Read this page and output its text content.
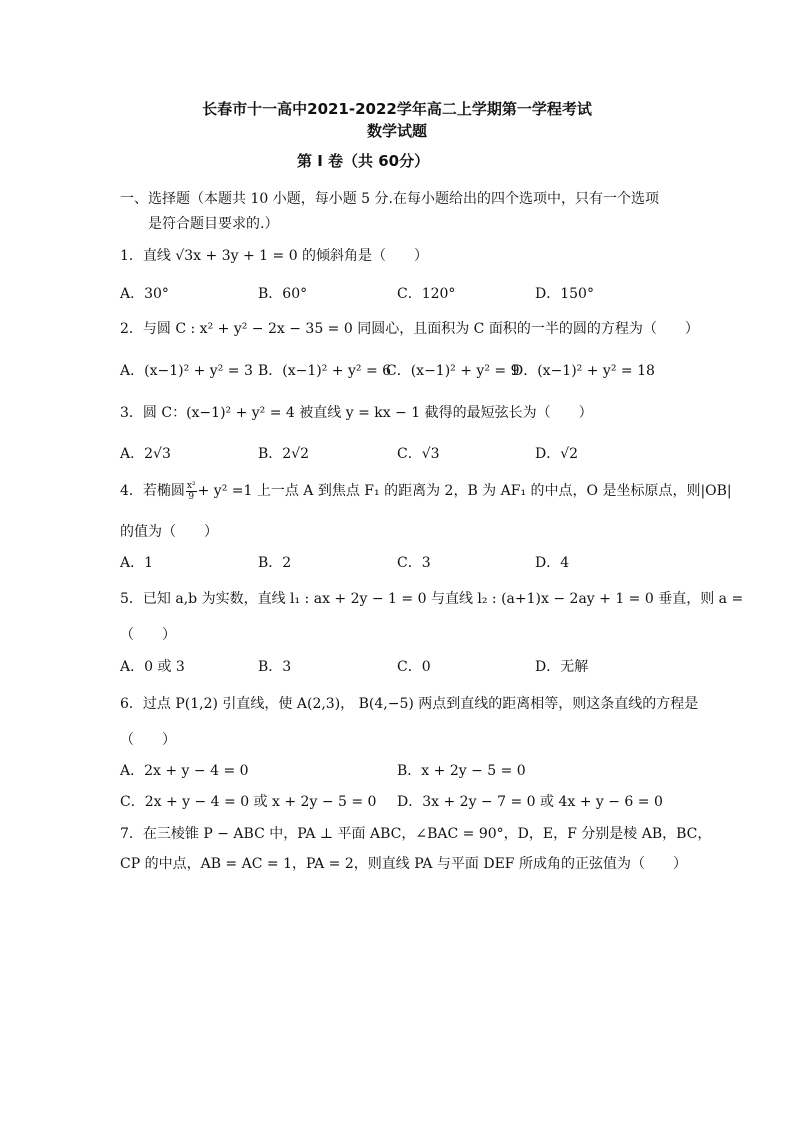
长春市十一高中2021-2022学年高二上学期第一学程考试
数学试题
第 I 卷（共 60分）
一、选择题（本题共 10 小题，每小题 5 分.在每小题给出的四个选项中，只有一个选项
是符合题目要求的.）
1．直线 √3x + 3y + 1 = 0 的倾斜角是（　　）
A．30°	B．60°	C．120°	D．150°
2．与圆 C : x² + y² − 2x − 35 = 0 同圆心，且面积为 C 面积的一半的圆的方程为（　　）
A．(x−1)² + y² = 3 B．(x−1)² + y² = 6
C．(x−1)² + y² = 9
D．(x−1)² + y² = 18
3．圆 C：(x−1)² + y² = 4 被直线 y = kx − 1 截得的最短弦长为（　　）
A．2√3	B．2√2	C．√3	D．√2
4．若椭圆 $\frac{\text{x²}}{9} + y^2 =1$ 上一点 A 到焦点 F₁ 的距离为 2，B 为 AF₁ 的中点，O 是坐标原点，则|OB|
的值为（　　）
A．1	B．2	C．3	D．4
5．已知 a,b 为实数，直线 l₁ : ax + 2y − 1 = 0 与直线 l₂ : (a+1)x − 2ay + 1 = 0 垂直，则 a =
（　　）
A．0 或 3	B．3	C．0	D．无解
6．过点 P(1,2) 引直线，使 A(2,3)， B(4,−5) 两点到直线的距离相等，则这条直线的方程是
（　　）
A．2x + y − 4 = 0	B．x + 2y − 5 = 0
C．2x + y − 4 = 0 或 x + 2y − 5 = 0 D．3x + 2y − 7 = 0 或 4x + y − 6 = 0
7．在三棱锥 P − ABC 中，PA ⊥ 平面 ABC，∠BAC = 90°，D，E，F 分别是棱 AB，BC，
CP 的中点，AB = AC = 1，PA = 2，则直线 PA 与平面 DEF 所成角的正弦值为（　　）
